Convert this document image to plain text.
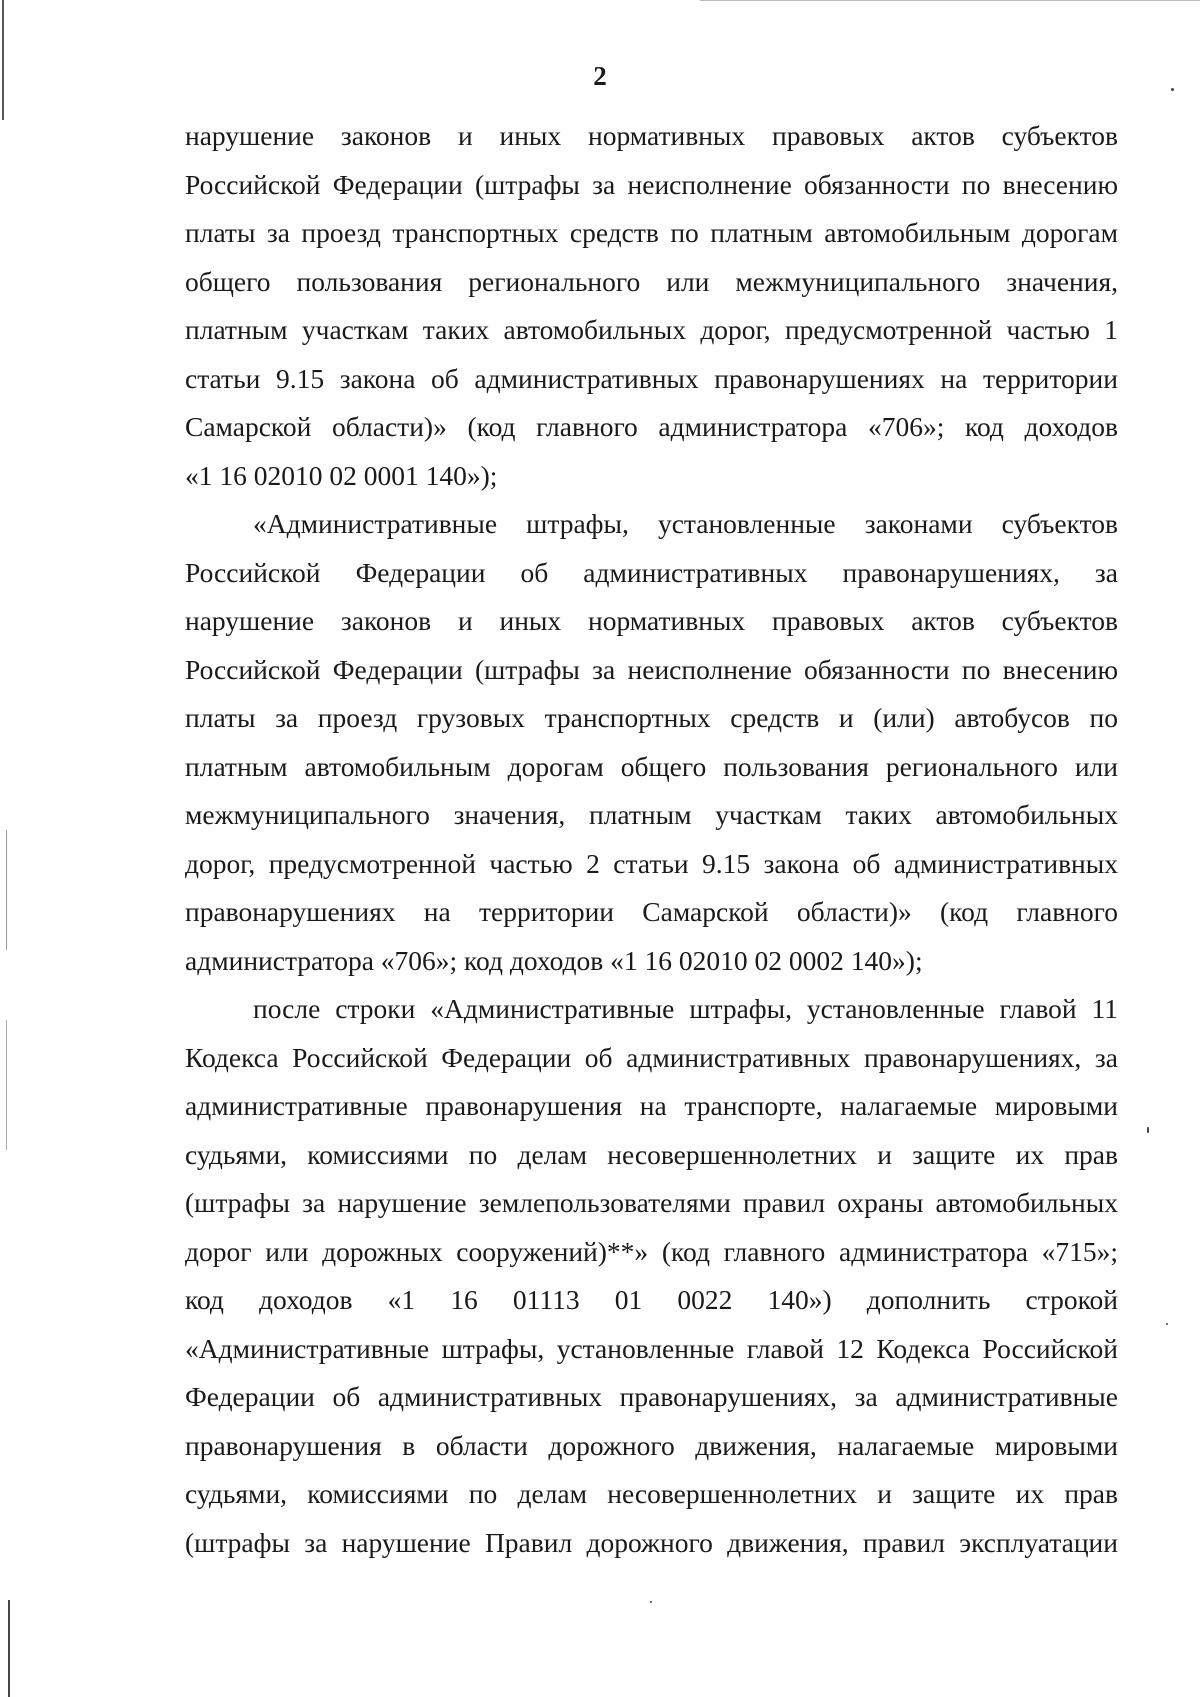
2
нарушение законов и иных нормативных правовых актов субъектов
Российской Федерации (штрафы за неисполнение обязанности по внесению
платы за проезд транспортных средств по платным автомобильным дорогам
общего пользования регионального или межмуниципального значения,
платным участкам таких автомобильных дорог, предусмотренной частью 1
статьи 9.15 закона об административных правонарушениях на территории
Самарской области)» (код главного администратора «706»; код доходов
«1 16 02010 02 0001 140»);
«Административные штрафы, установленные законами субъектов
Российской Федерации об административных правонарушениях, за
нарушение законов и иных нормативных правовых актов субъектов
Российской Федерации (штрафы за неисполнение обязанности по внесению
платы за проезд грузовых транспортных средств и (или) автобусов по
платным автомобильным дорогам общего пользования регионального или
межмуниципального значения, платным участкам таких автомобильных
дорог, предусмотренной частью 2 статьи 9.15 закона об административных
правонарушениях на территории Самарской области)» (код главного
администратора «706»; код доходов «1 16 02010 02 0002 140»);
после строки «Административные штрафы, установленные главой 11
Кодекса Российской Федерации об административных правонарушениях, за
административные правонарушения на транспорте, налагаемые мировыми
судьями, комиссиями по делам несовершеннолетних и защите их прав
(штрафы за нарушение землепользователями правил охраны автомобильных
дорог или дорожных сооружений)**» (код главного администратора «715»;
код доходов «1 16 01113 01 0022 140») дополнить строкой
«Административные штрафы, установленные главой 12 Кодекса Российской
Федерации об административных правонарушениях, за административные
правонарушения в области дорожного движения, налагаемые мировыми
судьями, комиссиями по делам несовершеннолетних и защите их прав
(штрафы за нарушение Правил дорожного движения, правил эксплуатации
